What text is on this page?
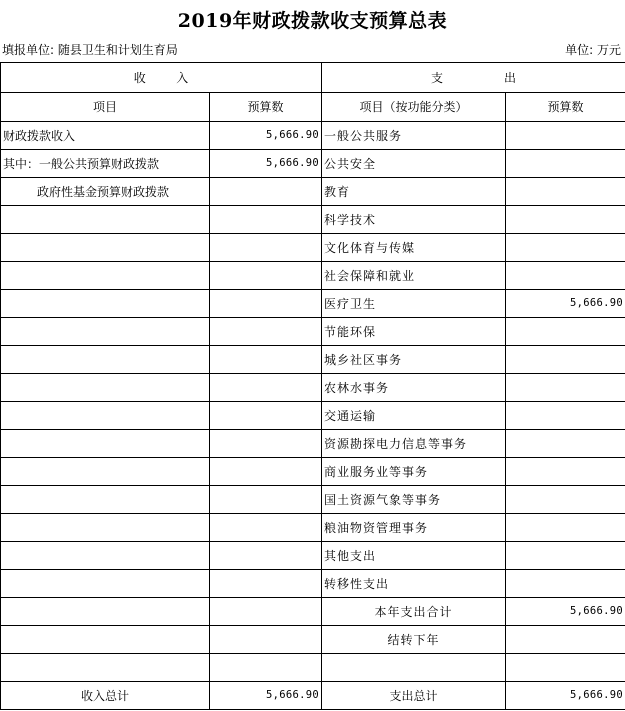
2019年财政拨款收支预算总表
填报单位: 随县卫生和计划生育局	单位: 万元
收        入		支                出	
项目	预算数	项目（按功能分类）	预算数
财政拨款收入	5,666.90	一般公共服务	
其中：一般公共预算财政拨款	5,666.90	公共安全	
政府性基金预算财政拨款		教育	
		科学技术	
		文化体育与传媒	
		社会保障和就业	
		医疗卫生	5,666.90
		节能环保	
		城乡社区事务	
		农林水事务	
		交通运输	
		资源勘探电力信息等事务	
		商业服务业等事务	
		国土资源气象等事务	
		粮油物资管理事务	
		其他支出	
		转移性支出	
		本年支出合计	5,666.90
		结转下年	

收入总计	5,666.90	支出总计	5,666.90
